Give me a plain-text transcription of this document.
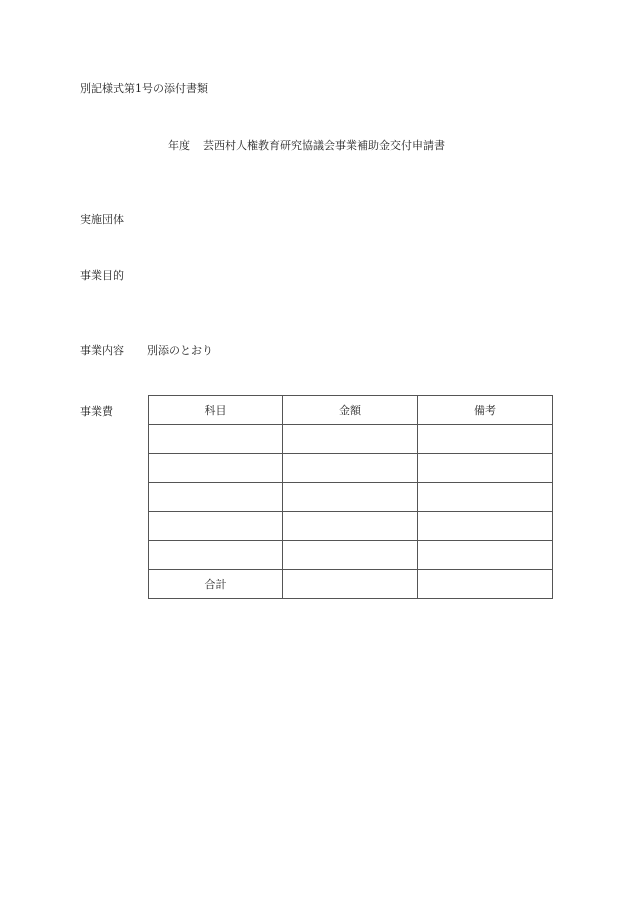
別記様式第1号の添付書類
年度 芸西村人権教育研究協議会事業補助金交付申請書
実施団体
事業目的
事業内容 別添のとおり
事業費	科目	金額	備考

合計		
